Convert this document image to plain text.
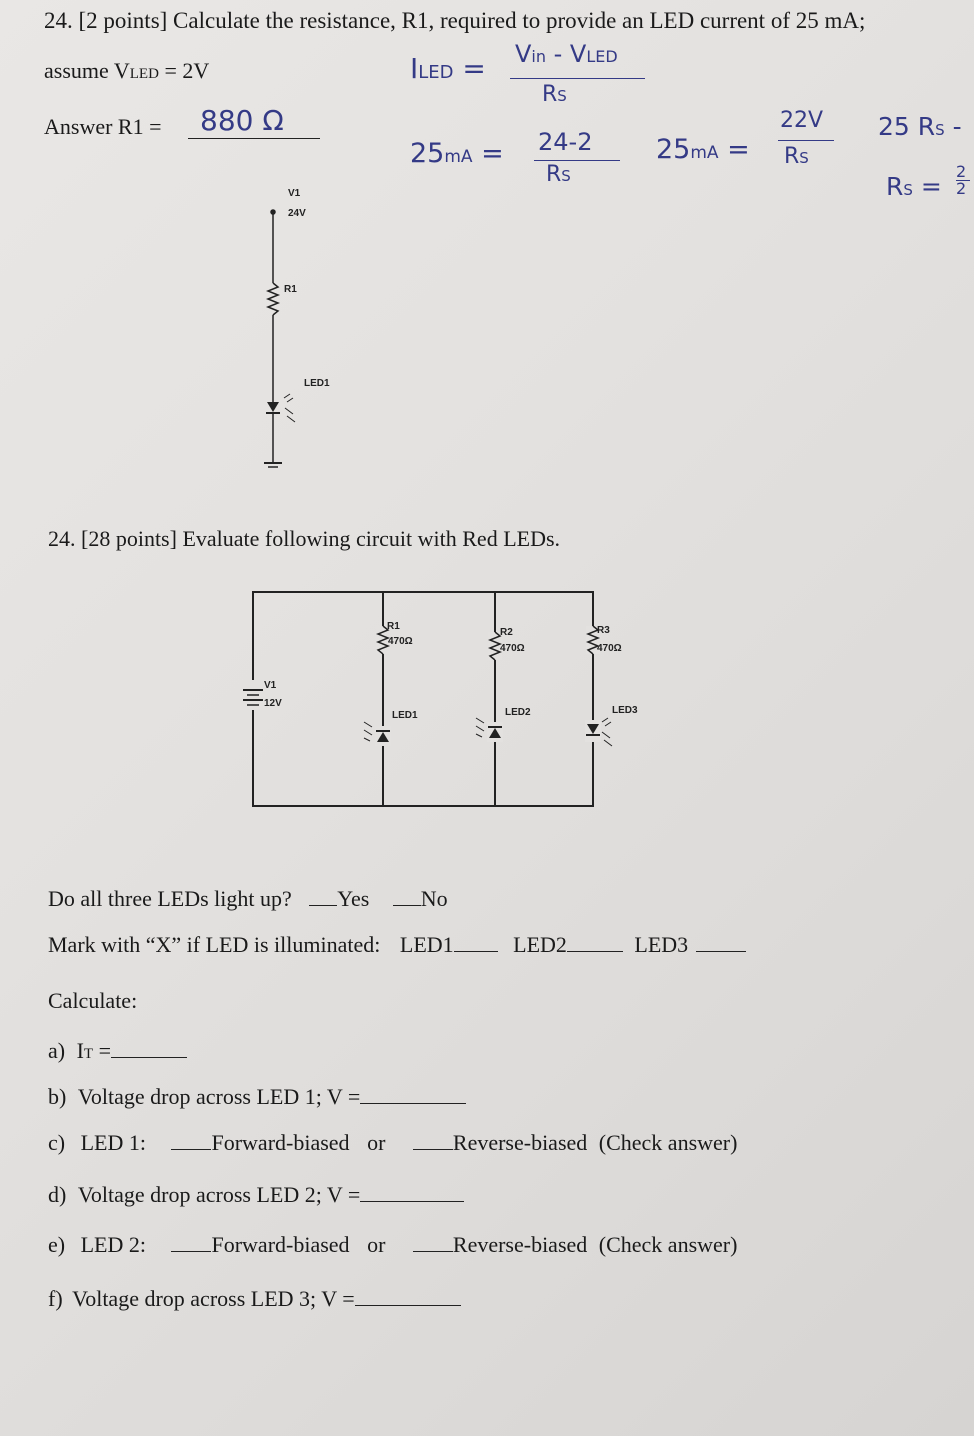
24. [2 points] Calculate the resistance, R1, required to provide an LED current of 25 mA;
assume VLED = 2V
Answer R1 = 880 Ω
ILED = Vin - VLED
RS
25mA = 24-2
RS
25mA =
22V
RS
25 RS -
RS =
2
2
V1
24V
R1
LED1
24. [28 points] Evaluate following circuit with Red LEDs.
V1
12V
R1
470Ω
R2
470Ω
R3
470Ω
LED1	LED2	LED3
Do all three LEDs light up? Yes No
Mark with “X” if LED is illuminated: LED1	LED2	LED3
Calculate:
a) IT =
b) Voltage drop across LED 1; V =
c) LED 1:	Forward-biased or	Reverse-biased (Check answer)
d) Voltage drop across LED 2; V =
e) LED 2:	Forward-biased or	Reverse-biased (Check answer)
f) Voltage drop across LED 3; V =
